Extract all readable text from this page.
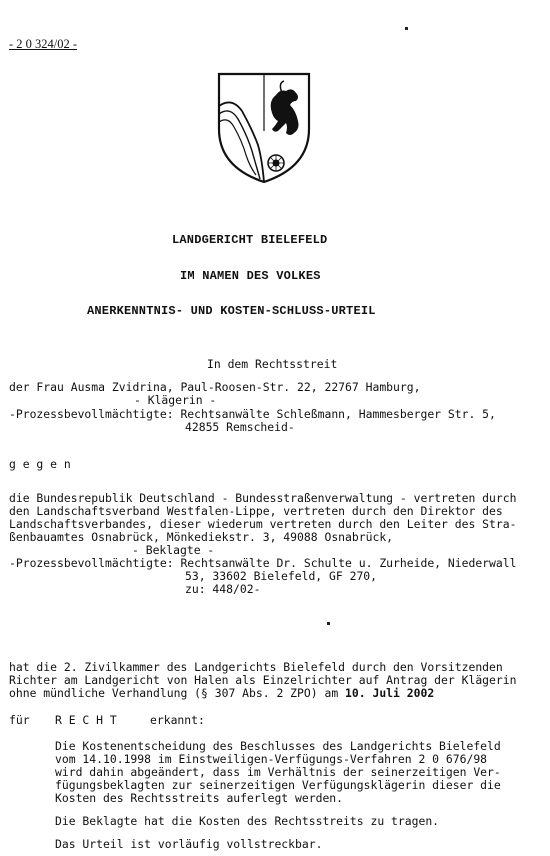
- 2 0 324/02 -
LANDGERICHT BIELEFELD
IM NAMEN DES VOLKES
ANERKENNTNIS- UND KOSTEN-SCHLUSS-URTEIL
In dem Rechtsstreit
der Frau Ausma Zvidrina, Paul-Roosen-Str. 22, 22767 Hamburg,
- Klägerin -
-Prozessbevollmächtigte: Rechtsanwälte Schleßmann, Hammesberger Str. 5,
42855 Remscheid-
g e g e n
die Bundesrepublik Deutschland - Bundesstraßenverwaltung - vertreten durch
den Landschaftsverband Westfalen-Lippe, vertreten durch den Direktor des
Landschaftsverbandes, dieser wiederum vertreten durch den Leiter des Stra-
ßenbauamtes Osnabrück, Mönkediekstr. 3, 49088 Osnabrück,
- Beklagte -
-Prozessbevollmächtigte: Rechtsanwälte Dr. Schulte u. Zurheide, Niederwall
53, 33602 Bielefeld, GF 270,
zu: 448/02-
hat die 2. Zivilkammer des Landgerichts Bielefeld durch den Vorsitzenden
Richter am Landgericht von Halen als Einzelrichter auf Antrag der Klägerin
ohne mündliche Verhandlung (§ 307 Abs. 2 ZPO) am 10. Juli 2002
für R E C H T	erkannt:
Die Kostenentscheidung des Beschlusses des Landgerichts Bielefeld
vom 14.10.1998 im Einstweiligen-Verfügungs-Verfahren 2 0 676/98
wird dahin abgeändert, dass im Verhältnis der seinerzeitigen Ver-
fügungsbeklagten zur seinerzeitigen Verfügungsklägerin dieser die
Kosten des Rechtsstreits auferlegt werden.
Die Beklagte hat die Kosten des Rechtsstreits zu tragen.
Das Urteil ist vorläufig vollstreckbar.
